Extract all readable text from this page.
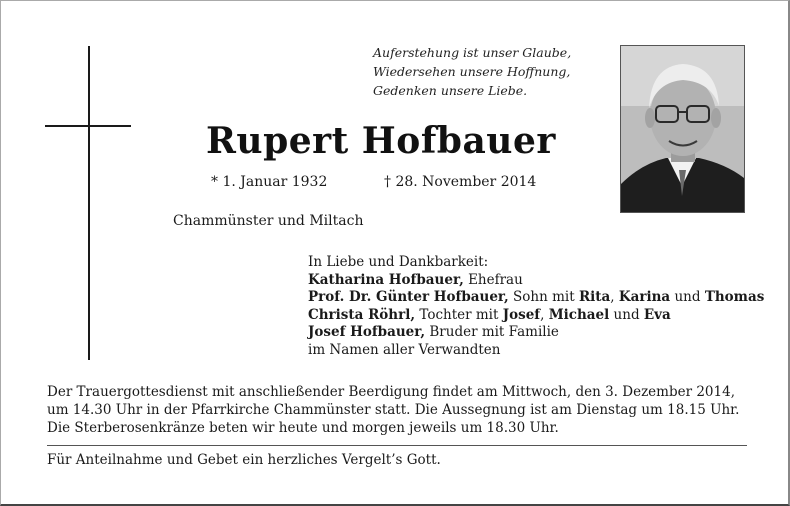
Auferstehung ist unser Glaube,
Wiedersehen unsere Hoffnung,
Gedenken unsere Liebe.
Rupert Hofbauer
* 1. Januar 1932	† 28. November 2014
Chammünster und Miltach
In Liebe und Dankbarkeit:
Katharina Hofbauer, Ehefrau
Prof. Dr. Günter Hofbauer, Sohn mit Rita, Karina und Thomas
Christa Röhrl, Tochter mit Josef, Michael und Eva
Josef Hofbauer, Bruder mit Familie
im Namen aller Verwandten
Der Trauergottesdienst mit anschließender Beerdigung findet am Mittwoch, den 3. Dezember 2014,
um 14.30 Uhr in der Pfarrkirche Chammünster statt. Die Aussegnung ist am Dienstag um 18.15 Uhr.
Die Sterberosenkränze beten wir heute und morgen jeweils um 18.30 Uhr.
Für Anteilnahme und Gebet ein herzliches Vergelt’s Gott.
